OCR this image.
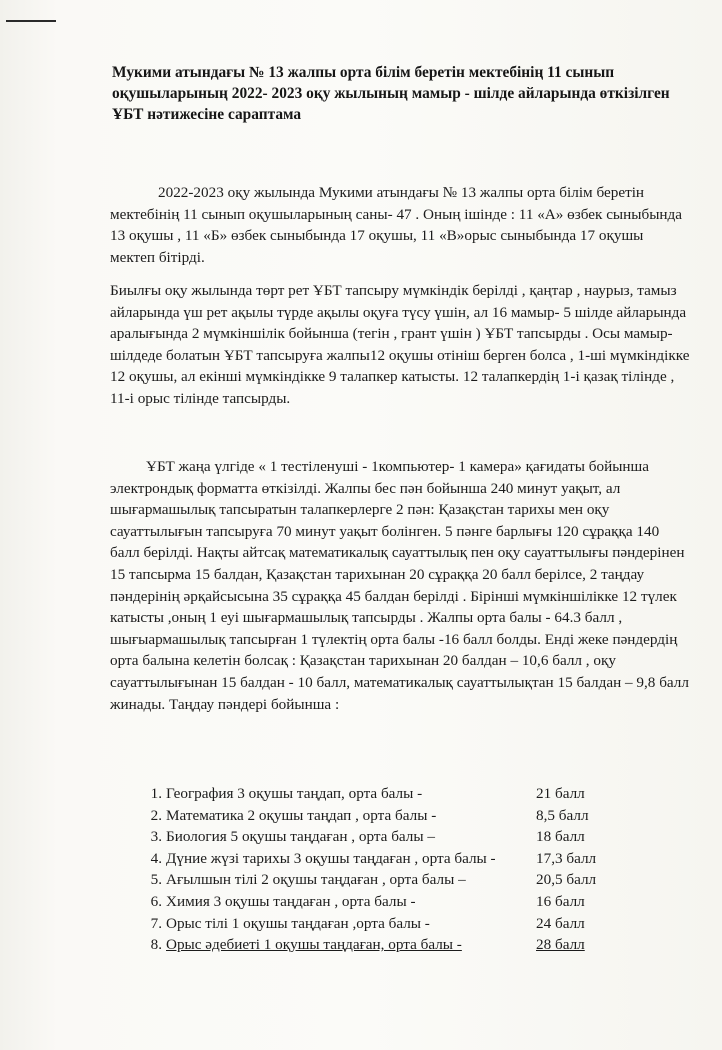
Мукими атындағы № 13 жалпы орта білім беретін мектебінің 11 сынып оқушыларының 2022- 2023 оқу жылының мамыр - шілде айларында өткізілген ҰБТ нәтижесіне сараптама

2022-2023 оқу жылында Мукими атындағы № 13 жалпы орта білім беретін мектебінің 11 сынып оқушыларының саны- 47 . Оның ішінде : 11 «А» өзбек сыныбында 13 оқушы , 11 «Б» өзбек сыныбында 17 оқушы, 11 «В»орыс сыныбында 17 оқушы мектеп бітірді.

Биылғы оқу жылында төрт рет ҰБТ тапсыру мүмкіндік берілді , қаңтар , наурыз, тамыз айларында үш рет ақылы түрде ақылы оқуға түсу үшін, ал 16 мамыр- 5 шілде айларында аралығында 2 мүмкіншілік бойынша (тегін , грант үшін ) ҰБТ тапсырды . Осы мамыр-шілдеде болатын ҰБТ тапсыруға жалпы12 оқушы отініш берген болса , 1-ші мүмкіндікке 12 оқушы, ал екінші мүмкіндікке 9 талапкер катысты. 12 талапкердің 1-і қазақ тілінде , 11-і орыс тілінде тапсырды.

ҰБТ жаңа үлгіде « 1 тестіленуші - 1компьютер- 1 камера» қағидаты бойынша электрондық форматта өткізілді. Жалпы бес пән бойынша 240 минут уақыт, ал шығармашылық тапсыратын талапкерлерге 2 пән: Қазақстан тарихы мен оқу сауаттылығын тапсыруға 70 минут уақыт болінген. 5 пәнге барлығы 120 сұраққа 140 балл берілді. Нақты айтсақ математикалық сауаттылық пен оқу сауаттылығы пәндерінен 15 тапсырма 15 балдан, Қазақстан тарихынан 20 сұраққа 20 балл берілсе, 2 таңдау пәндерінің әрқайсысына 35 сұраққа 45 балдан берілді . Бірінші мүмкіншілікке 12 түлек катысты ,оның 1 еуі шығармашылық тапсырды . Жалпы орта балы - 64.3 балл , шығыармашылық тапсырған 1 түлектің орта балы -16 балл болды. Енді жеке пәндердің орта балына келетін болсақ : Қазақстан тарихынан 20 балдан – 10,6 балл , оқу сауаттылығынан 15 балдан - 10 балл, математикалық сауаттылықтан 15 балдан – 9,8 балл жинады. Таңдау пәндері бойынша :

1. География 3 оқушы таңдап, орта балы -	21 балл
2. Математика 2 оқушы таңдап , орта балы -	8,5 балл
3. Биология 5 оқушы таңдаған , орта балы –	18 балл
4. Дүние жүзі тарихы 3 оқушы таңдаған , орта балы -	17,3 балл
5. Ағылшын тілі 2 оқушы таңдаған , орта балы –	20,5 балл
6. Химия 3 оқушы таңдаған , орта балы -	16 балл
7. Орыс тілі 1 оқушы таңдаған ,орта балы -	24 балл
8. Орыс әдебиеті 1 оқушы таңдаған, орта балы -	28 балл
